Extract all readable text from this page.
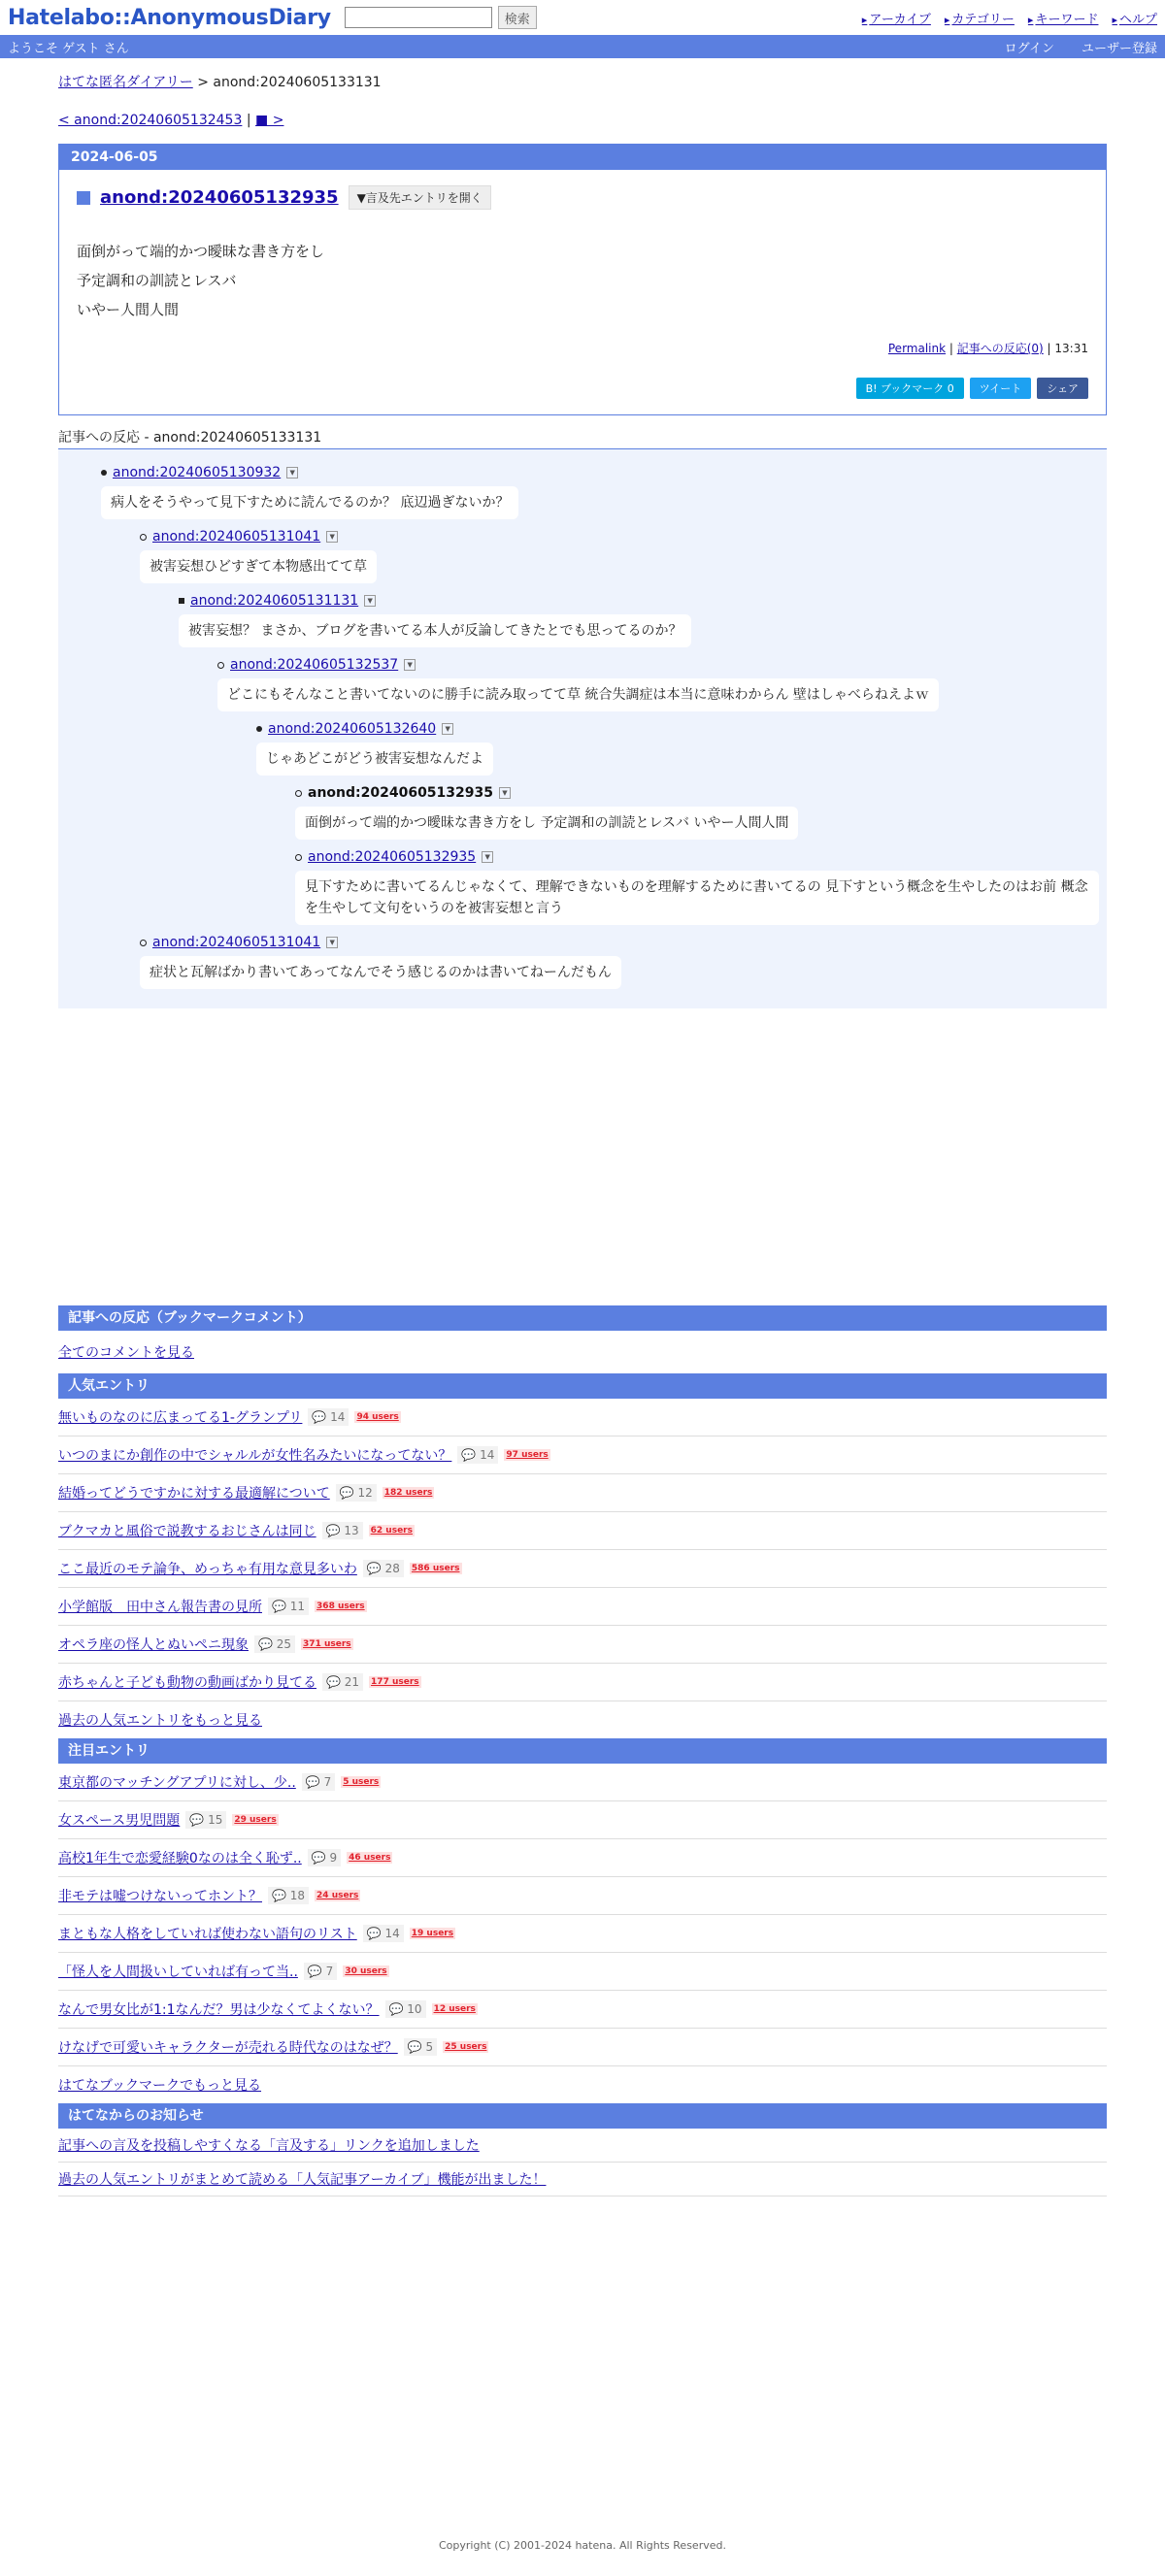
Hatelabo::AnonymousDiary	検索	▸ アーカイブ	▸ カテゴリー	▸ キーワード	▸ ヘルプ
ようこそ ゲスト さん	ログイン ユーザー登録
はてな匿名ダイアリー > anond:20240605133131
< anond:20240605132453 | ■ >
2024-06-05
anond:20240605132935	▼言及先エントリを開く
面倒がって端的かつ曖昧な書き方をし
予定調和の訓読とレスバ
いやー人間人間
Permalink | 記事への反応(0) | 13:31
B! ブックマーク 0	ツイート	シェア
記事への反応 - anond:20240605133131
anond:20240605130932	▼
病人をそうやって見下すために読んでるのか？ 底辺過ぎないか？
anond:20240605131041	▼
被害妄想ひどすぎて本物感出てて草
anond:20240605131131	▼
被害妄想？ まさか、ブログを書いてる本人が反論してきたとでも思ってるのか？
anond:20240605132537	▼
どこにもそんなこと書いてないのに勝手に読み取ってて草 統合失調症は本当に意味わからん 壁はしゃべらねえよｗ
anond:20240605132640	▼
じゃあどこがどう被害妄想なんだよ
anond:20240605132935	▼
面倒がって端的かつ曖昧な書き方をし 予定調和の訓読とレスバ いやー人間人間
anond:20240605132935	▼
見下すために書いてるんじゃなくて、理解できないものを理解するために書いてるの 見下すという概念を生やしたのはお前 概念を生やして文句をいうのを被害妄想と言う
anond:20240605131041	▼
症状と瓦解ばかり書いてあってなんでそう感じるのかは書いてねーんだもん
記事への反応（ブックマークコメント）
全てのコメントを見る
人気エントリ
無いものなのに広まってる1-グランプリ 💬 14	94 users
いつのまにか創作の中でシャルルが女性名みたいになってない？ 💬 14	97 users
結婚ってどうですかに対する最適解について 💬 12	182 users
ブクマカと風俗で説教するおじさんは同じ 💬 13	62 users
ここ最近のモテ論争、めっちゃ有用な意見多いわ 💬 28	586 users
小学館版　田中さん報告書の見所 💬 11	368 users
オペラ座の怪人とぬいペニ現象 💬 25	371 users
赤ちゃんと子ども動物の動画ばかり見てる 💬 21	177 users
過去の人気エントリをもっと見る
注目エントリ
東京都のマッチングアプリに対し、少.. 💬 7	5 users
女スペース男児問題 💬 15	29 users
高校1年生で恋愛経験0なのは全く恥ず.. 💬 9	46 users
非モテは嘘つけないってホント？ 💬 18	24 users
まともな人格をしていれば使わない語句のリスト 💬 14	19 users
「怪人を人間扱いしていれば有って当.. 💬 7	30 users
なんで男女比が1:1なんだ？男は少なくてよくない？ 💬 10	12 users
けなげで可愛いキャラクターが売れる時代なのはなぜ？ 💬 5	25 users
はてなブックマークでもっと見る
はてなからのお知らせ
記事への言及を投稿しやすくなる「言及する」リンクを追加しました
過去の人気エントリがまとめて読める「人気記事アーカイブ」機能が出ました！
Copyright (C) 2001-2024 hatena. All Rights Reserved.
